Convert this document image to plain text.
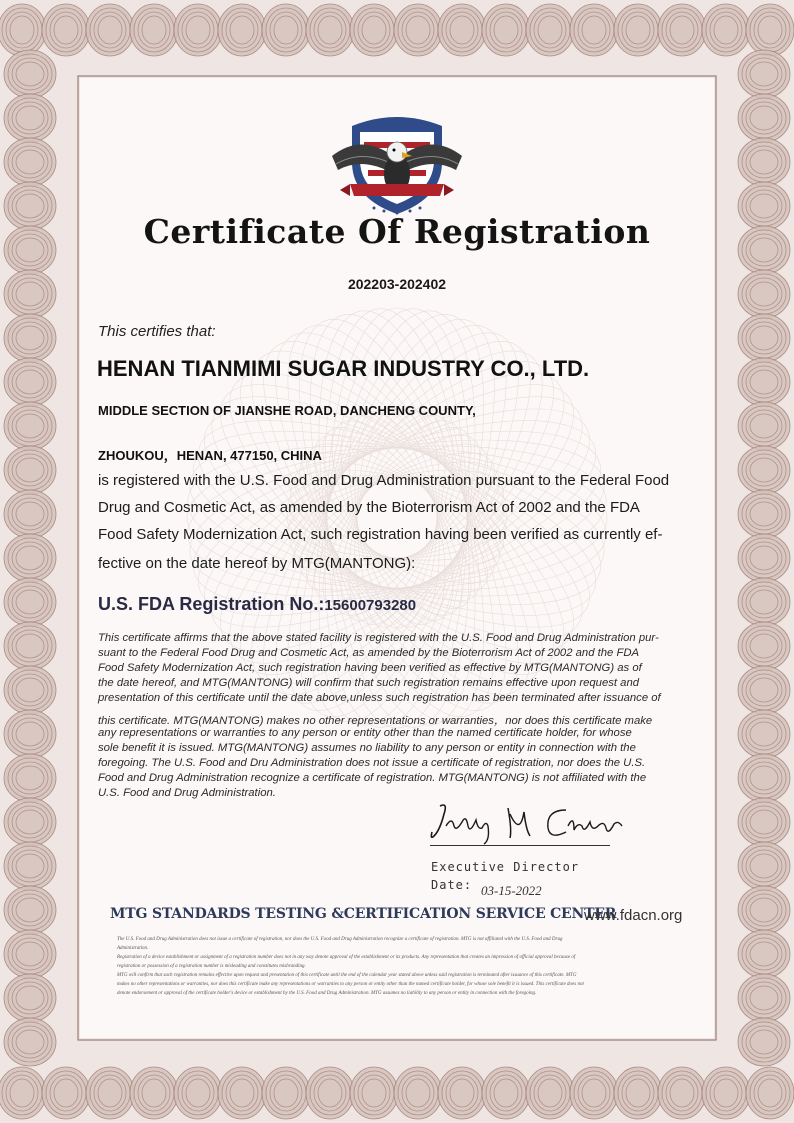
Certificate Of Registration
202203-202402
This certifies that:
HENAN TIANMIMI SUGAR INDUSTRY CO., LTD.
MIDDLE SECTION OF JIANSHE ROAD, DANCHENG COUNTY,
ZHOUKOU，HENAN, 477150, CHINA
is registered with the U.S. Food and Drug Administration pursuant to the Federal Food
Drug and Cosmetic Act, as amended by the Bioterrorism Act of 2002 and the FDA
Food Safety Modernization Act, such registration having been verified as currently ef-
fective on the date hereof by MTG(MANTONG):
U.S. FDA Registration No.:15600793280
This certificate affirms that the above stated facility is registered with the U.S. Food and Drug Administration pur-
suant to the Federal Food Drug and Cosmetic Act, as amended by the Bioterrorism Act of 2002 and the FDA
Food Safety Modernization Act, such registration having been verified as effective by MTG(MANTONG) as of
the date hereof, and MTG(MANTONG) will confirm that such registration remains effective upon request and
presentation of this certificate until the date above,unless such registration has been terminated after issuance of
this certificate. MTG(MANTONG) makes no other representations or warranties，nor does this certificate make
any representations or warranties to any person or entity other than the named certificate holder, for whose
sole benefit it is issued. MTG(MANTONG) assumes no liability to any person or entity in connection with the
foregoing. The U.S. Food and Dru Administration does not issue a certificate of registration, nor does the U.S.
Food and Drug Administration recognize a certificate of registration. MTG(MANTONG) is not affiliated with the
U.S. Food and Drug Administration.
Executive Director
Date: 03-15-2022
MTG STANDARDS TESTING &CERTIFICATION SERVICE CENTER
www.fdacn.org
The U.S. Food and Drug Administration does not issue a certificate of registration, nor does the U.S. Food and Drug Administration recognize a certificate of registration. MTG is not affiliated with the U.S. Food and Drug
Administration.
Registration of a device establishment or assignment of a registration number does not in any way denote approval of the establishment or its products. Any representation that creates an impression of official approval because of
registration or possession of a registration number is misleading and constitutes misbranding.
MTG will confirm that such registration remains effective upon request and presentation of this certificate until the end of the calendar year stated above unless said registration is terminated after issuance of this certificate. MTG
makes no other representations or warranties, nor does this certificate make any representations or warranties to any person or entity other than the named certificate holder, for whose sole benefit it is issued. This certificate does not
denote endorsement or approval of the certificate holder's device or establishment by the U.S. Food and Drug Administration. MTG assumes no liability to any person or entity in connection with the foregoing.
